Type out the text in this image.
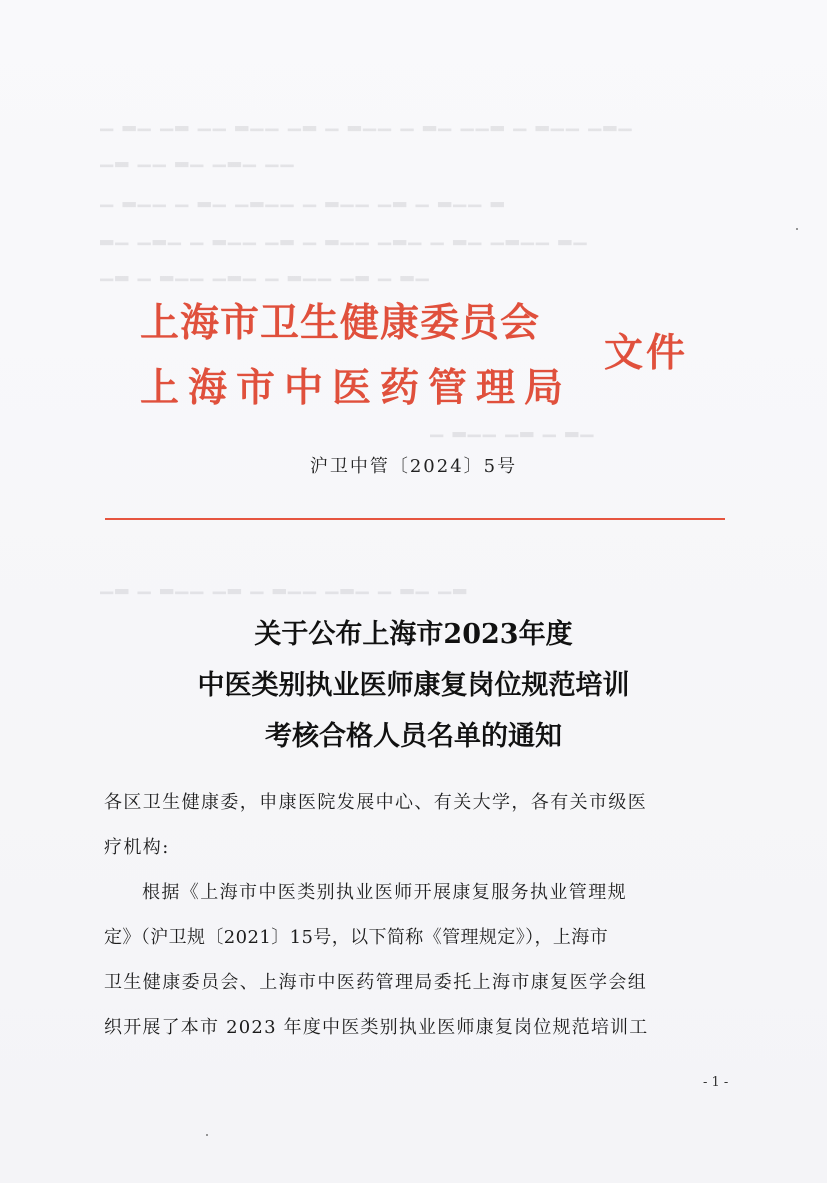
▁ ▂▁ ▁▂ ▁▁ ▂▁▁ ▁▂ ▁ ▂▁▁ ▁ ▂▁ ▁▁▂ ▁ ▂▁▁ ▁▂▁
▁▂ ▁▁ ▂▁ ▁▂▁ ▁▁
▁ ▂▁▁ ▁ ▂▁ ▁▂▁▁ ▁ ▂▁▁ ▁▂ ▁ ▂▁▁ ▂
▂▁ ▁▂▁ ▁ ▂▁▁ ▁▂ ▁ ▂▁▁ ▁▂▁ ▁ ▂▁ ▁▂▁▁ ▂▁
▁▂ ▁ ▂▁▁ ▁▂▁ ▁ ▂▁▁ ▁▂ ▁ ▂▁
▁ ▂▁▁ ▁▂ ▁ ▂▁
▁▂ ▁ ▂▁▁ ▁▂ ▁ ▂▁▁ ▁▂▁ ▁ ▂▁ ▁▂
上海市卫生健康委员会
上海市中医药管理局
文件
沪卫中管〔2024〕5号
关于公布上海市2023年度
中医类别执业医师康复岗位规范培训
考核合格人员名单的通知
各区卫生健康委，申康医院发展中心、有关大学，各有关市级医
疗机构:
根据《上海市中医类别执业医师开展康复服务执业管理规
定》（沪卫规〔2021〕15号，以下简称《管理规定》），上海市
卫生健康委员会、上海市中医药管理局委托上海市康复医学会组
织开展了本市 2023 年度中医类别执业医师康复岗位规范培训工
- 1 -
